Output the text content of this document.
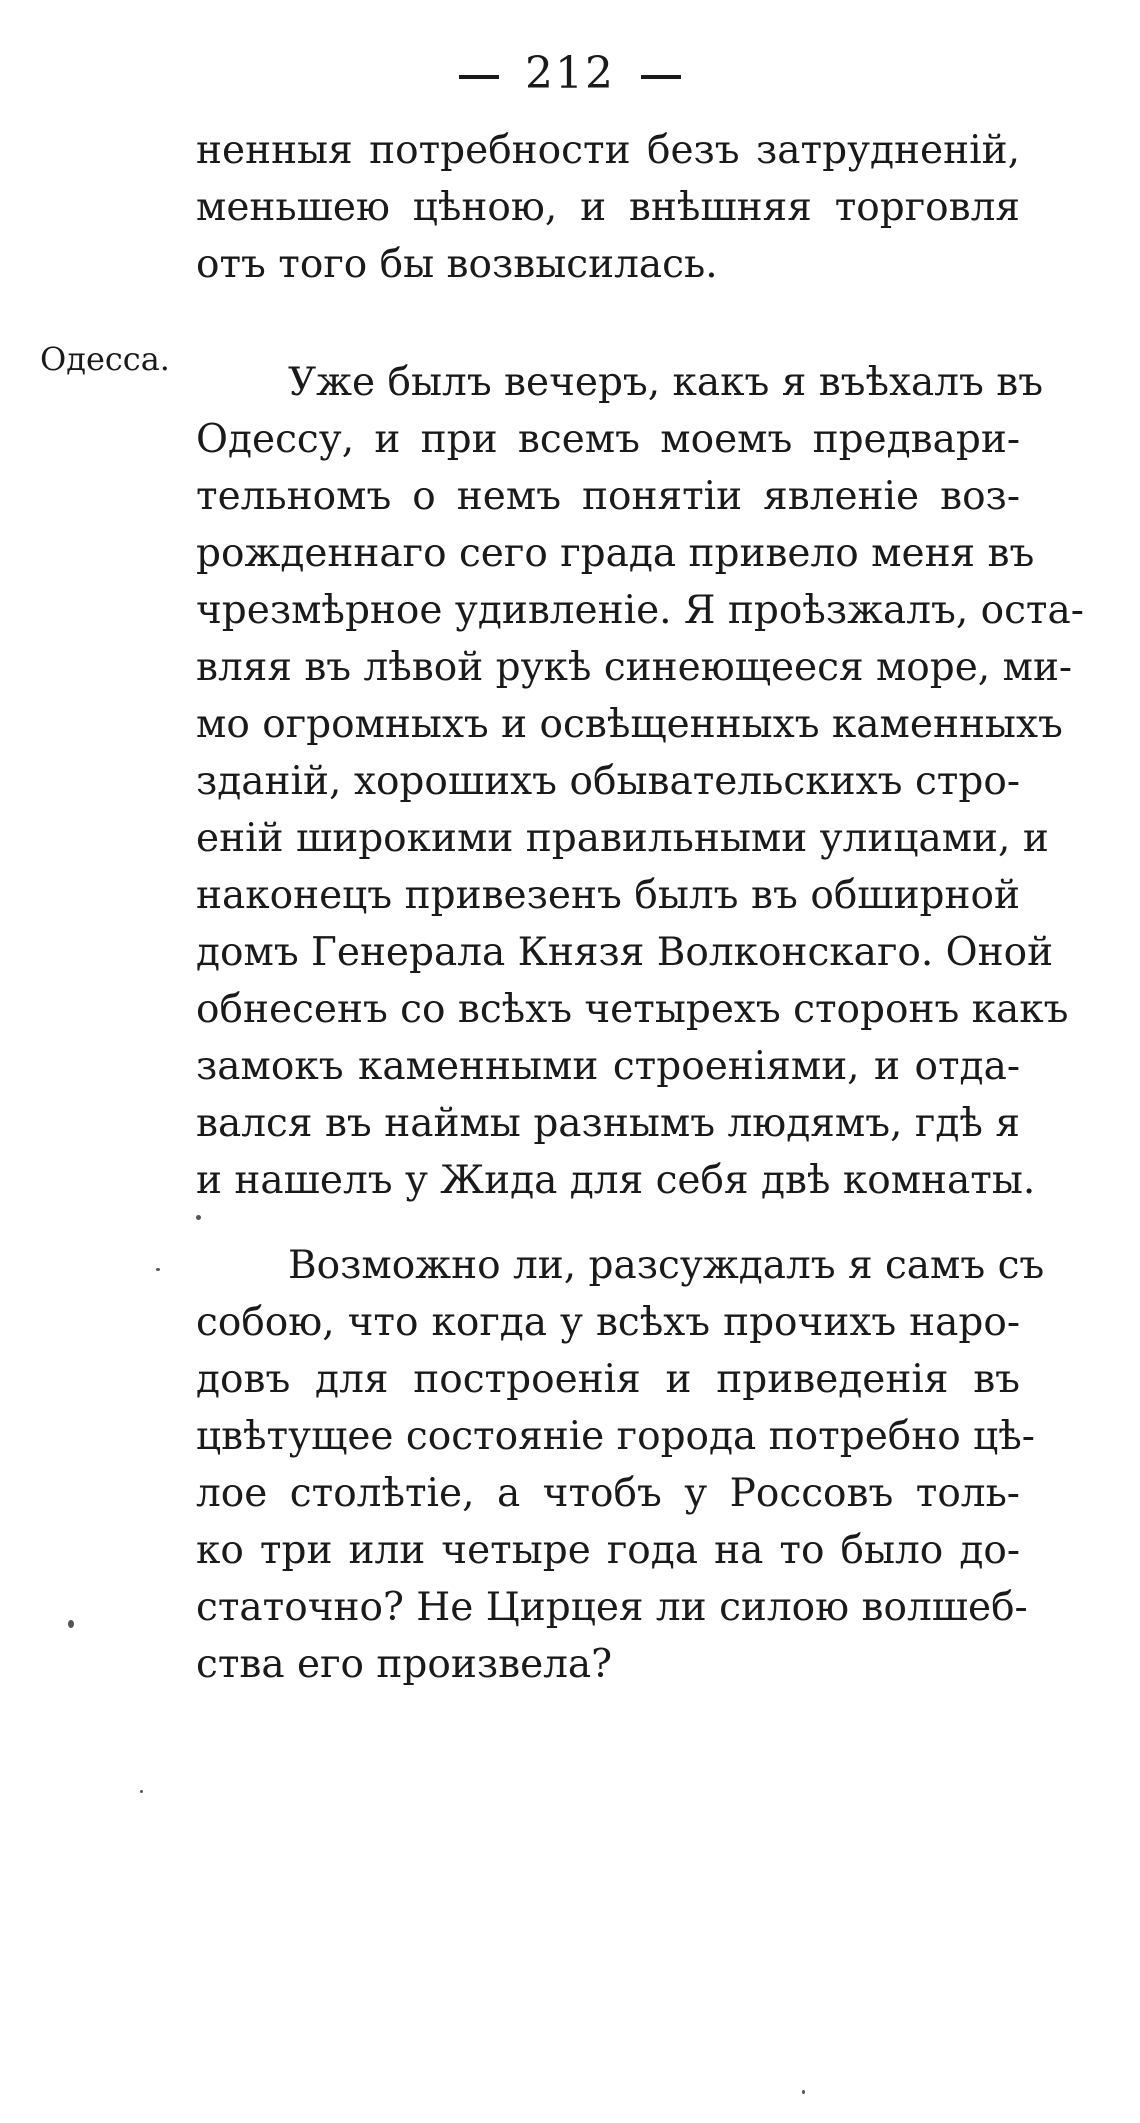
212
Одесса.
ненныя потребности безъ затрудненій,
меньшею цѣною, и внѣшняя торговля
отъ того бы возвысилась.
Уже былъ вечеръ, какъ я въѣхалъ въ
Одессу, и при всемъ моемъ предвари-
тельномъ о немъ понятіи явленіе воз-
рожденнаго сего града привело меня въ
чрезмѣрное удивленіе. Я проѣзжалъ, оста-
вляя въ лѣвой рукѣ синеющееся море, ми-
мо огромныхъ и освѣщенныхъ каменныхъ
зданій, хорошихъ обывательскихъ стро-
еній широкими правильными улицами, и
наконецъ привезенъ былъ въ обширной
домъ Генерала Князя Волконскаго. Оной
обнесенъ со всѣхъ четырехъ сторонъ какъ
замокъ каменными строеніями, и отда-
вался въ наймы разнымъ людямъ, гдѣ я
и нашелъ у Жида для себя двѣ комнаты.
Возможно ли, разсуждалъ я самъ съ
собою, что когда у всѣхъ прочихъ наро-
довъ для построенія и приведенія въ
цвѣтущее состояніе города потребно цѣ-
лое столѣтіе, а чтобъ у Россовъ толь-
ко три или четыре года на то было до-
статочно? Не Цирцея ли силою волшеб-
ства его произвела?
